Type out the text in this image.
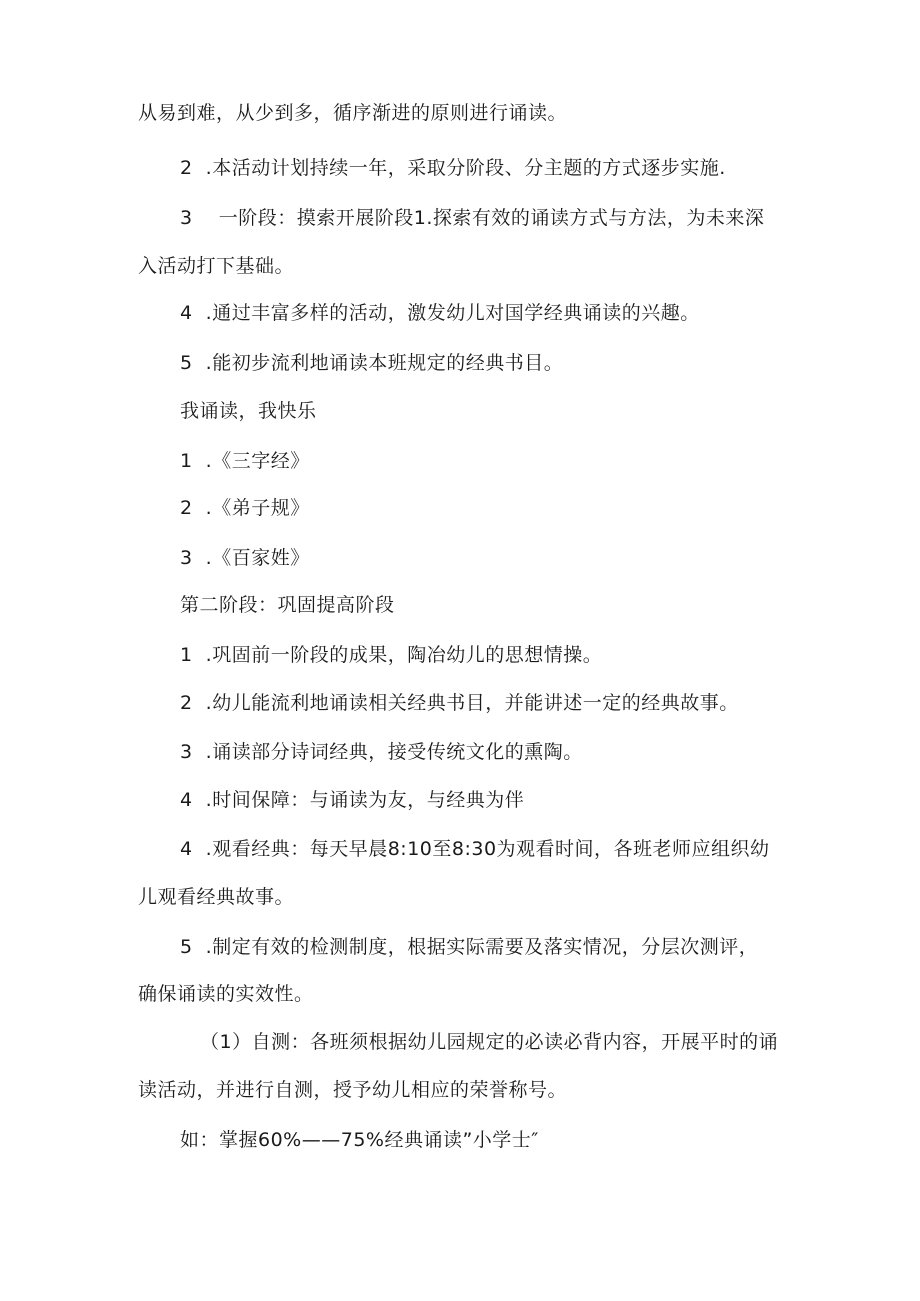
从易到难，从少到多，循序渐进的原则进行诵读。
2  .本活动计划持续一年，采取分阶段、分主题的方式逐步实施.
3    一阶段：摸索开展阶段1.探索有效的诵读方式与方法，为未来深
入活动打下基础。
4  .通过丰富多样的活动，激发幼儿对国学经典诵读的兴趣。
5  .能初步流利地诵读本班规定的经典书目。
我诵读，我快乐
1  .《三字经》
2  .《弟子规》
3  .《百家姓》
第二阶段：巩固提高阶段
1  .巩固前一阶段的成果，陶冶幼儿的思想情操。
2  .幼儿能流利地诵读相关经典书目，并能讲述一定的经典故事。
3  .诵读部分诗词经典，接受传统文化的熏陶。
4  .时间保障：与诵读为友，与经典为伴
4  .观看经典：每天早晨8:10至8:30为观看时间，各班老师应组织幼
儿观看经典故事。
5  .制定有效的检测制度，根据实际需要及落实情况，分层次测评，
确保诵读的实效性。
（1）自测：各班须根据幼儿园规定的必读必背内容，开展平时的诵
读活动，并进行自测，授予幼儿相应的荣誉称号。
如：掌握60%——75%经典诵读”小学士″
